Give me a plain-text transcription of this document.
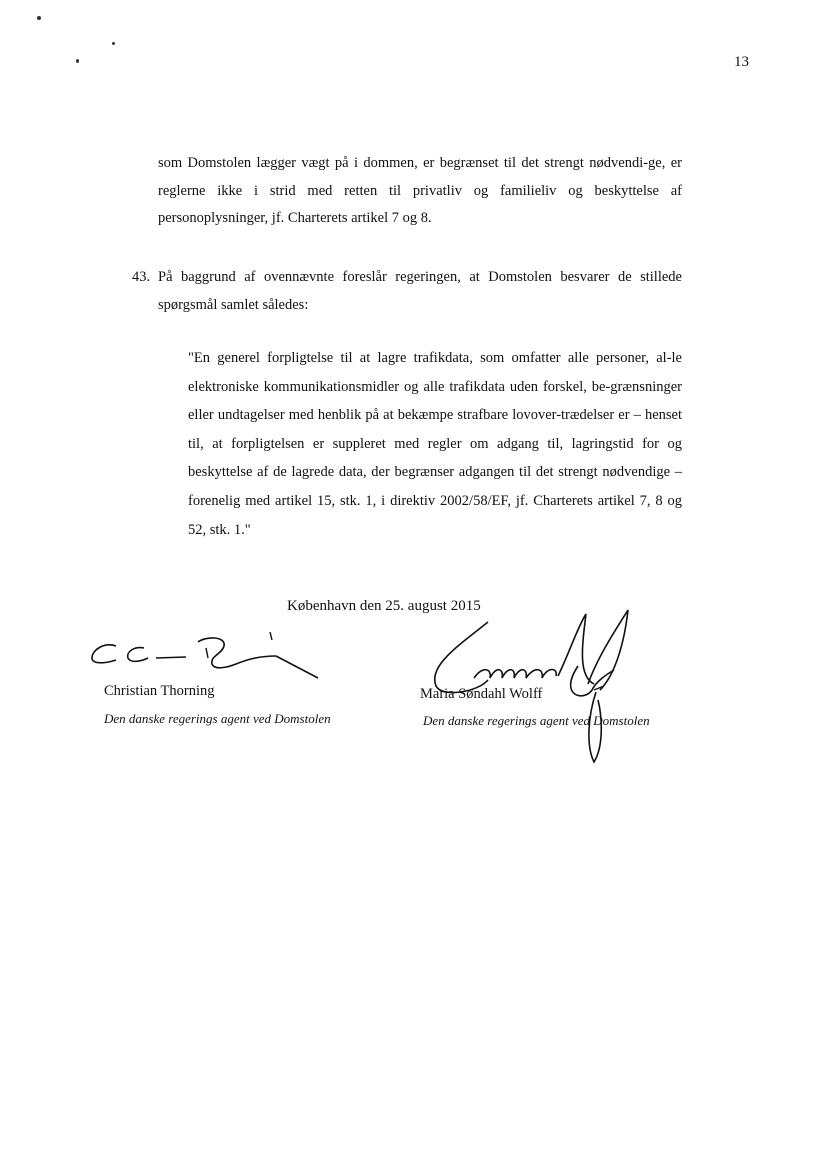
13

som Domstolen lægger vægt på i dommen, er begrænset til det strengt nødvendi-ge, er reglerne ikke i strid med retten til privatliv og familieliv og beskyttelse af personoplysninger, jf. Charterets artikel 7 og 8.

43. På baggrund af ovennævnte foreslår regeringen, at Domstolen besvarer de stillede spørgsmål samlet således:

"En generel forpligtelse til at lagre trafikdata, som omfatter alle personer, al-le elektroniske kommunikationsmidler og alle trafikdata uden forskel, be-grænsninger eller undtagelser med henblik på at bekæmpe strafbare lovover-trædelser er – henset til, at forpligtelsen er suppleret med regler om adgang til, lagringstid for og beskyttelse af de lagrede data, der begrænser adgangen til det strengt nødvendige – forenelig med artikel 15, stk. 1, i direktiv 2002/58/EF, jf. Charterets artikel 7, 8 og 52, stk. 1."

København den 25. august 2015
Christian Thorning
Den danske regerings agent ved Domstolen
Maria Søndahl Wolff
Den danske regerings agent ved Domstolen
